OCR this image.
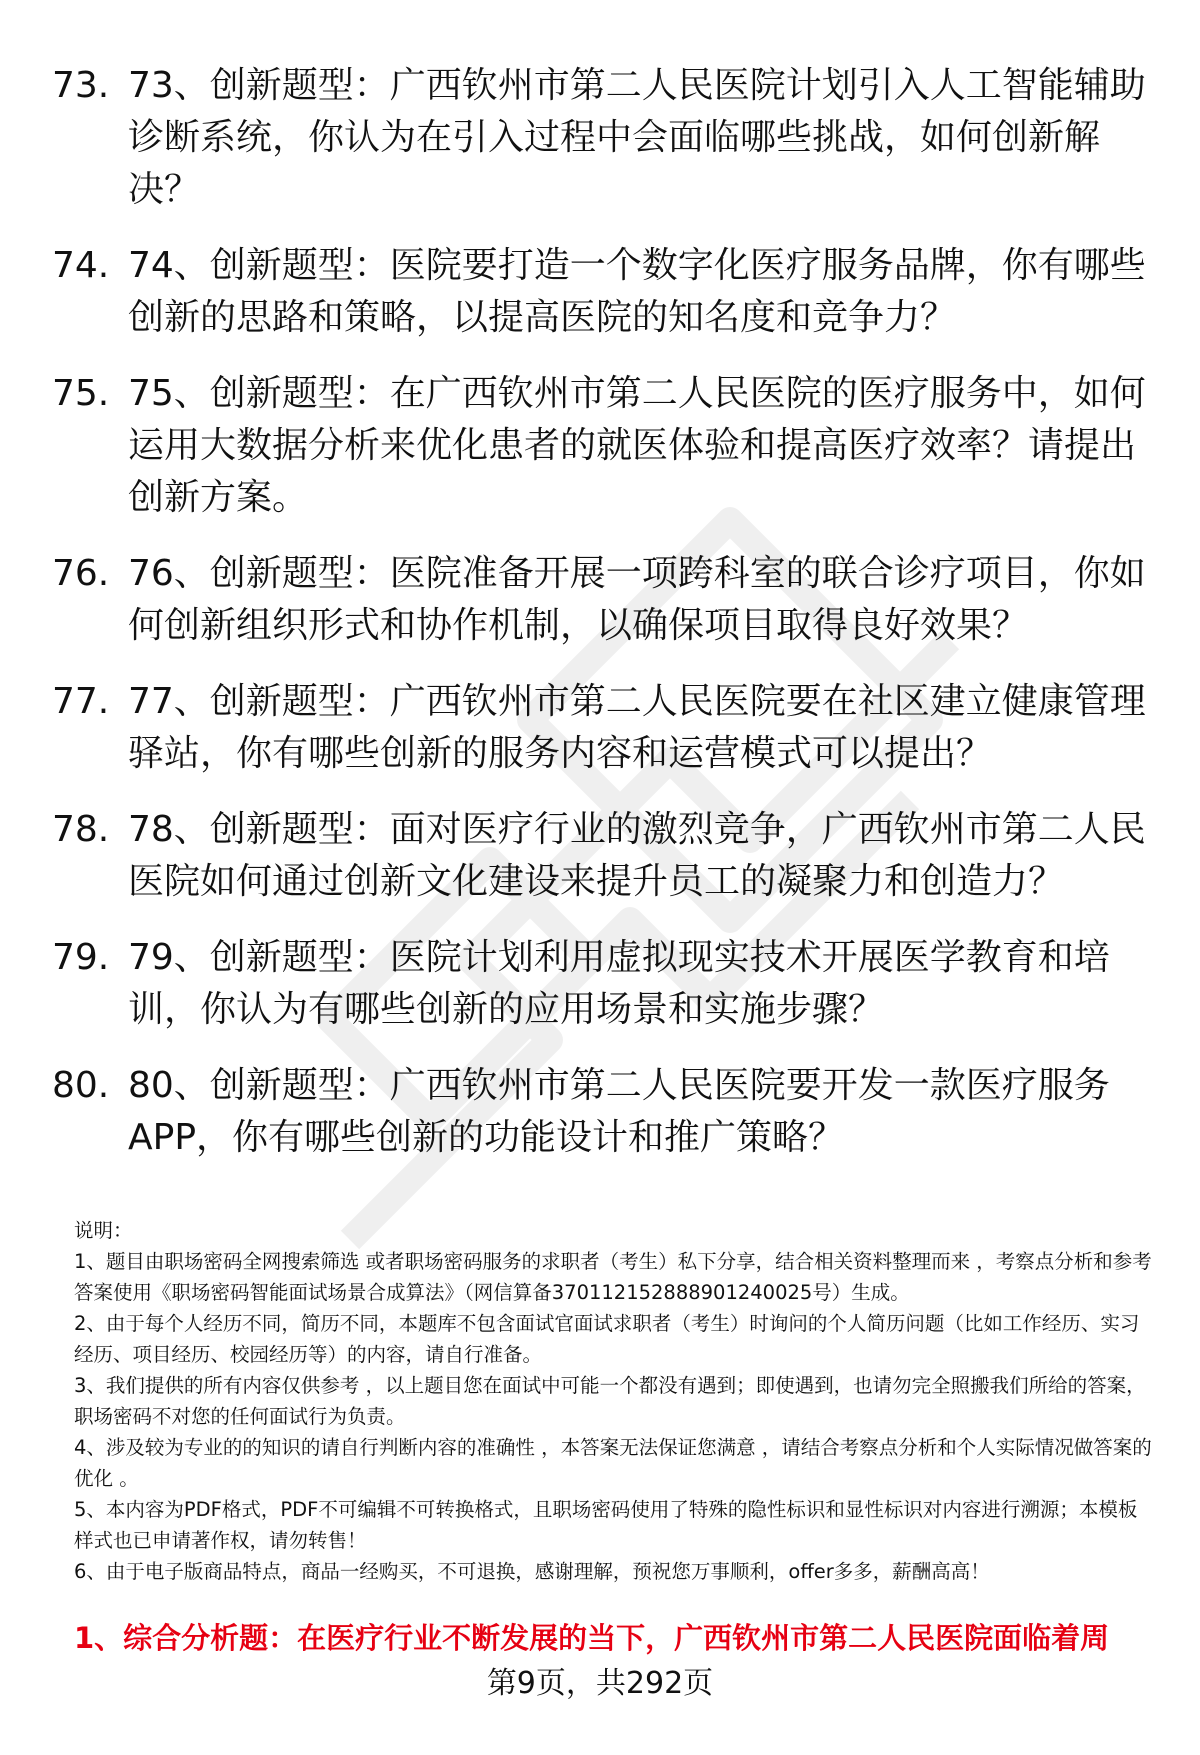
73. 73、创新题型：广西钦州市第二人民医院计划引入人工智能辅助诊断系统，你认为在引入过程中会面临哪些挑战，如何创新解决？
74. 74、创新题型：医院要打造一个数字化医疗服务品牌，你有哪些创新的思路和策略，以提高医院的知名度和竞争力？
75. 75、创新题型：在广西钦州市第二人民医院的医疗服务中，如何运用大数据分析来优化患者的就医体验和提高医疗效率？请提出创新方案。
76. 76、创新题型：医院准备开展一项跨科室的联合诊疗项目，你如何创新组织形式和协作机制，以确保项目取得良好效果？
77. 77、创新题型：广西钦州市第二人民医院要在社区建立健康管理驿站，你有哪些创新的服务内容和运营模式可以提出？
78. 78、创新题型：面对医疗行业的激烈竞争，广西钦州市第二人民医院如何通过创新文化建设来提升员工的凝聚力和创造力？
79. 79、创新题型：医院计划利用虚拟现实技术开展医学教育和培训，你认为有哪些创新的应用场景和实施步骤？
80. 80、创新题型：广西钦州市第二人民医院要开发一款医疗服务APP，你有哪些创新的功能设计和推广策略？

说明：

1、题目由职场密码全网搜索筛选 或者职场密码服务的求职者（考生）私下分享，结合相关资料整理而来 ，考察点分析和参考答案使用《职场密码智能面试场景合成算法》（网信算备370112152888901240025号）生成。

2、由于每个人经历不同，简历不同，本题库不包含面试官面试求职者（考生）时询问的个人简历问题（比如工作经历、实习经历、项目经历、校园经历等）的内容，请自行准备。

3、我们提供的所有内容仅供参考 ，以上题目您在面试中可能一个都没有遇到；即使遇到，也请勿完全照搬我们所给的答案，职场密码不对您的任何面试行为负责。

4、涉及较为专业的的知识的请自行判断内容的准确性 ，本答案无法保证您满意 ，请结合考察点分析和个人实际情况做答案的优化 。

5、本内容为PDF格式，PDF不可编辑不可转换格式，且职场密码使用了特殊的隐性标识和显性标识对内容进行溯源；本模板样式也已申请著作权，请勿转售！

6、由于电子版商品特点，商品一经购买，不可退换，感谢理解，预祝您万事顺利，offer多多，薪酬高高！

1、综合分析题：在医疗行业不断发展的当下，广西钦州市第二人民医院面临着周
第9页，共292页
